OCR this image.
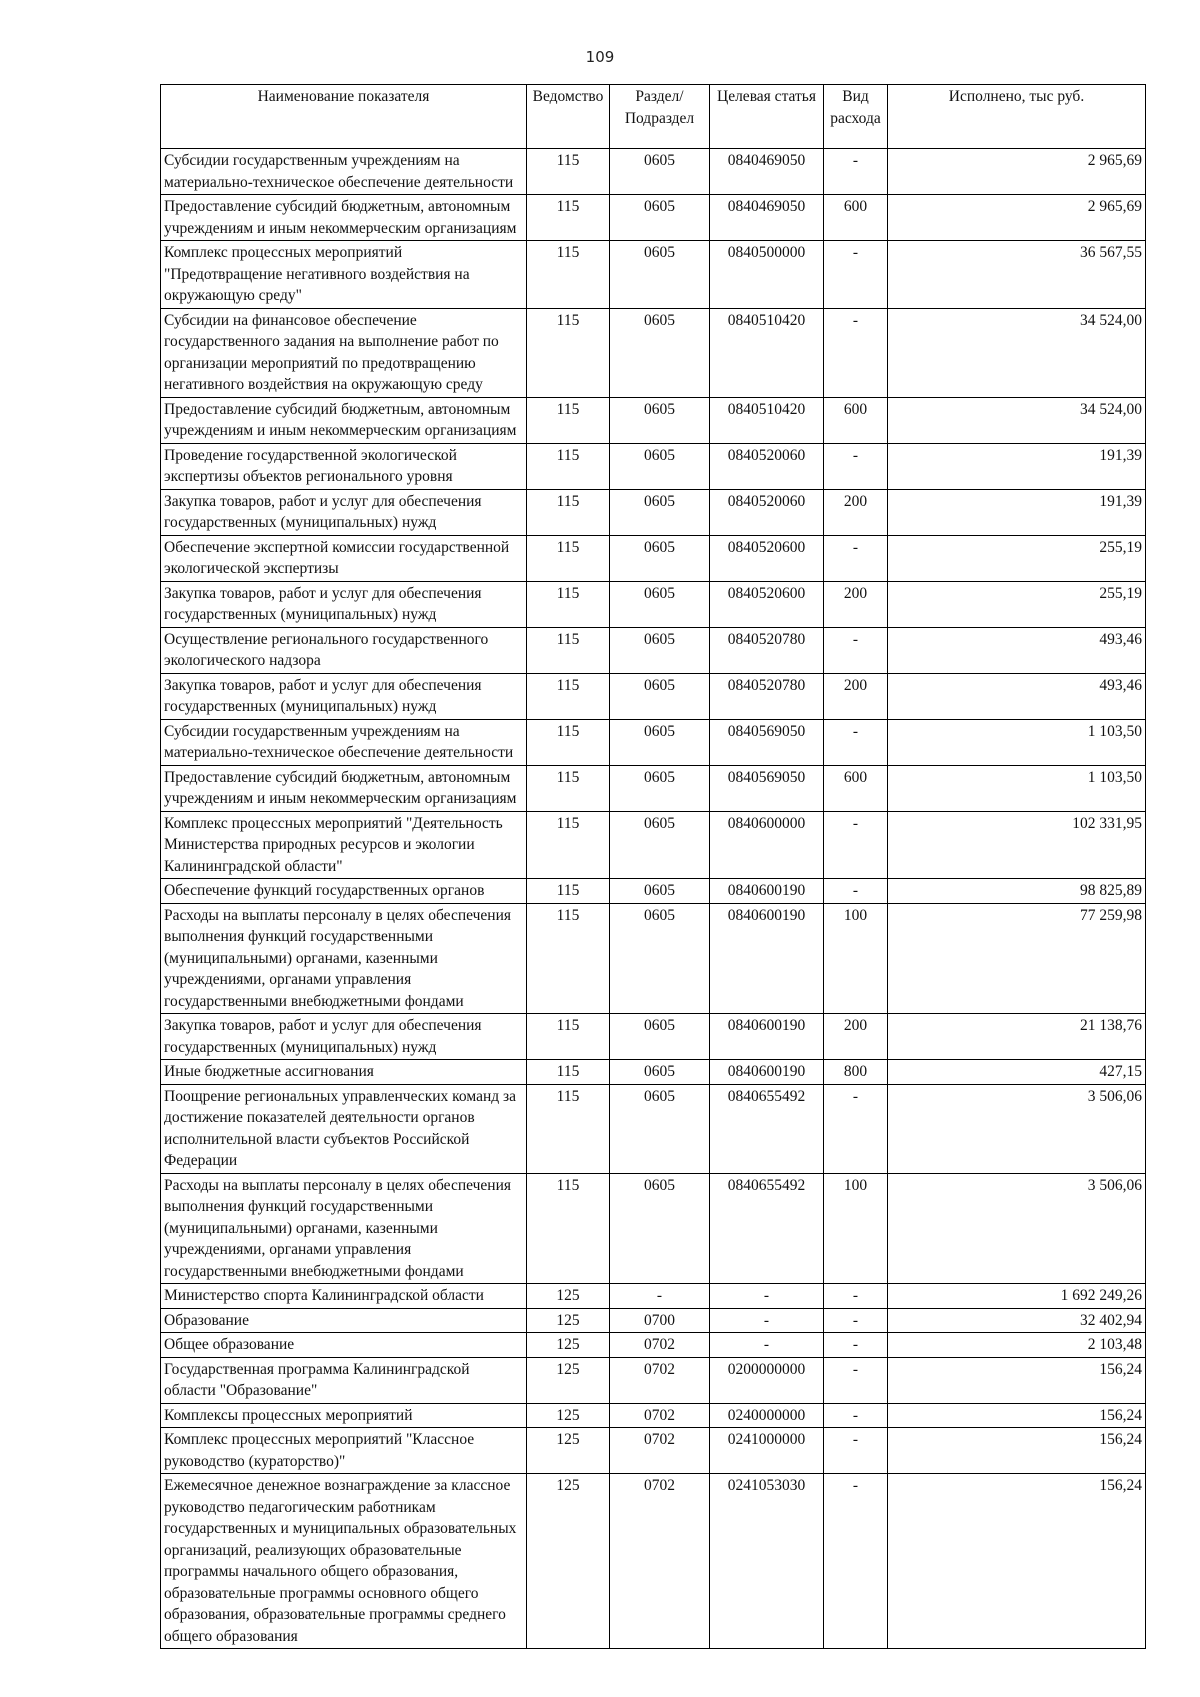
109
Наименование показателя	Ведомство	Раздел/ Подраздел	Целевая статья	Вид расхода	Исполнено, тыс руб.
Субсидии государственным учреждениям на материально-техническое обеспечение деятельности	115	0605	0840469050	-	2 965,69
Предоставление субсидий бюджетным, автономным учреждениям и иным некоммерческим организациям	115	0605	0840469050	600	2 965,69
Комплекс процессных мероприятий "Предотвращение негативного воздействия на окружающую среду"	115	0605	0840500000	-	36 567,55
Субсидии на финансовое обеспечение государственного задания на выполнение работ по организации мероприятий по предотвращению негативного воздействия на окружающую среду	115	0605	0840510420	-	34 524,00
Предоставление субсидий бюджетным, автономным учреждениям и иным некоммерческим организациям	115	0605	0840510420	600	34 524,00
Проведение государственной экологической экспертизы объектов регионального уровня	115	0605	0840520060	-	191,39
Закупка товаров, работ и услуг для обеспечения государственных (муниципальных) нужд	115	0605	0840520060	200	191,39
Обеспечение экспертной комиссии государственной экологической экспертизы	115	0605	0840520600	-	255,19
Закупка товаров, работ и услуг для обеспечения государственных (муниципальных) нужд	115	0605	0840520600	200	255,19
Осуществление регионального государственного экологического надзора	115	0605	0840520780	-	493,46
Закупка товаров, работ и услуг для обеспечения государственных (муниципальных) нужд	115	0605	0840520780	200	493,46
Субсидии государственным учреждениям на материально-техническое обеспечение деятельности	115	0605	0840569050	-	1 103,50
Предоставление субсидий бюджетным, автономным учреждениям и иным некоммерческим организациям	115	0605	0840569050	600	1 103,50
Комплекс процессных мероприятий "Деятельность Министерства природных ресурсов и экологии Калининградской области"	115	0605	0840600000	-	102 331,95
Обеспечение функций государственных органов	115	0605	0840600190	-	98 825,89
Расходы на выплаты персоналу в целях обеспечения выполнения функций государственными (муниципальными) органами, казенными учреждениями, органами управления государственными внебюджетными фондами	115	0605	0840600190	100	77 259,98
Закупка товаров, работ и услуг для обеспечения государственных (муниципальных) нужд	115	0605	0840600190	200	21 138,76
Иные бюджетные ассигнования	115	0605	0840600190	800	427,15
Поощрение региональных управленческих команд за достижение показателей деятельности органов исполнительной власти субъектов Российской Федерации	115	0605	0840655492	-	3 506,06
Расходы на выплаты персоналу в целях обеспечения выполнения функций государственными (муниципальными) органами, казенными учреждениями, органами управления государственными внебюджетными фондами	115	0605	0840655492	100	3 506,06
Министерство спорта Калининградской области	125	-	-	-	1 692 249,26
Образование	125	0700	-	-	32 402,94
Общее образование	125	0702	-	-	2 103,48
Государственная программа Калининградской области "Образование"	125	0702	0200000000	-	156,24
Комплексы процессных мероприятий	125	0702	0240000000	-	156,24
Комплекс процессных мероприятий "Классное руководство (кураторство)"	125	0702	0241000000	-	156,24
Ежемесячное денежное вознаграждение за классное руководство педагогическим работникам государственных и муниципальных образовательных организаций, реализующих образовательные программы начального общего образования, образовательные программы основного общего образования, образовательные программы среднего общего образования	125	0702	0241053030	-	156,24
